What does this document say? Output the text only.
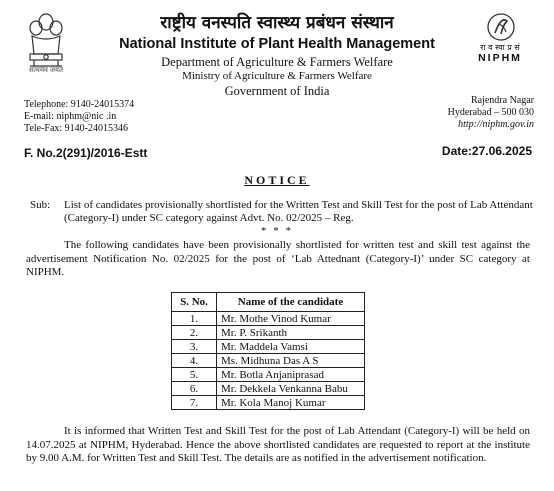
सत्यमेव जयते
राष्ट्रीय वनस्पति स्वास्थ्य प्रबंधन संस्थान
National Institute of Plant Health Management
Department of Agriculture & Farmers Welfare
Ministry of Agriculture & Farmers Welfare
Government of India
रा व स्वा प्र सं
NIPHM
Telephone: 9140-24015374
E-mail: niphm@nic .in
Tele-Fax: 9140-24015346
Rajendra Nagar
Hyderabad – 500 030
http://niphm.gov.in
F. No.2(291)/2016-Estt	Date:27.06.2025
NOTICE
Sub: List of candidates provisionally shortlisted for the Written Test and Skill Test for the post of Lab Attendant (Category-I) under SC category against Advt. No. 02/2025 – Reg.
* * *
The following candidates have been provisionally shortlisted for written test and skill test against the advertisement Notification No. 02/2025 for the post of ‘Lab Attednant (Category-I)’ under SC category at NIPHM.
S. No.	Name of the candidate
1.	Mr. Mothe Vinod Kumar
2.	Mr. P. Srikanth
3.	Mr. Maddela Vamsi
4.	Ms. Midhuna Das A S
5.	Mr. Botla Anjaniprasad
6.	Mr. Dekkela Venkanna Babu
7.	Mr. Kola Manoj Kumar
It is informed that Written Test and Skill Test for the post of Lab Attendant (Category-I) will be held on 14.07.2025 at NIPHM, Hyderabad. Hence the above shortlisted candidates are requested to report at the institute by 9.00 A.M. for Written Test and Skill Test. The details are as notified in the advertisement notification.
